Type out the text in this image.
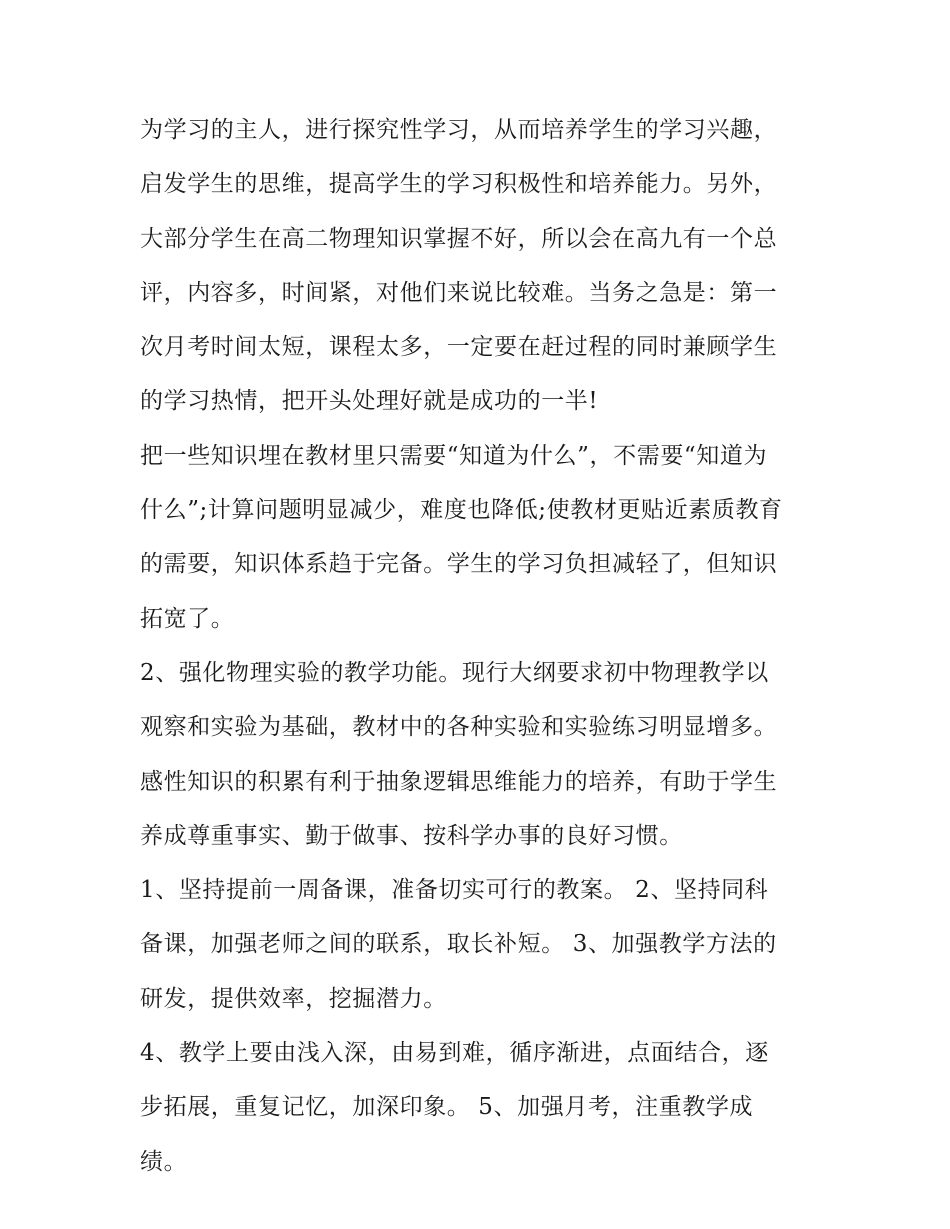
为学习的主人，进行探究性学习，从而培养学生的学习兴趣，
启发学生的思维，提高学生的学习积极性和培养能力。另外，
大部分学生在高二物理知识掌握不好，所以会在高九有一个总
评，内容多，时间紧，对他们来说比较难。当务之急是：第一
次月考时间太短，课程太多，一定要在赶过程的同时兼顾学生
的学习热情，把开头处理好就是成功的一半!
把一些知识埋在教材里只需要“知道为什么”，不需要“知道为
什么”;计算问题明显减少，难度也降低;使教材更贴近素质教育
的需要，知识体系趋于完备。学生的学习负担减轻了，但知识
拓宽了。
2、强化物理实验的教学功能。现行大纲要求初中物理教学以
观察和实验为基础，教材中的各种实验和实验练习明显增多。
感性知识的积累有利于抽象逻辑思维能力的培养，有助于学生
养成尊重事实、勤于做事、按科学办事的良好习惯。
1、坚持提前一周备课，准备切实可行的教案。 2、坚持同科
备课，加强老师之间的联系，取长补短。 3、加强教学方法的
研发，提供效率，挖掘潜力。
4、教学上要由浅入深，由易到难，循序渐进，点面结合，逐
步拓展，重复记忆，加深印象。 5、加强月考，注重教学成
绩。
